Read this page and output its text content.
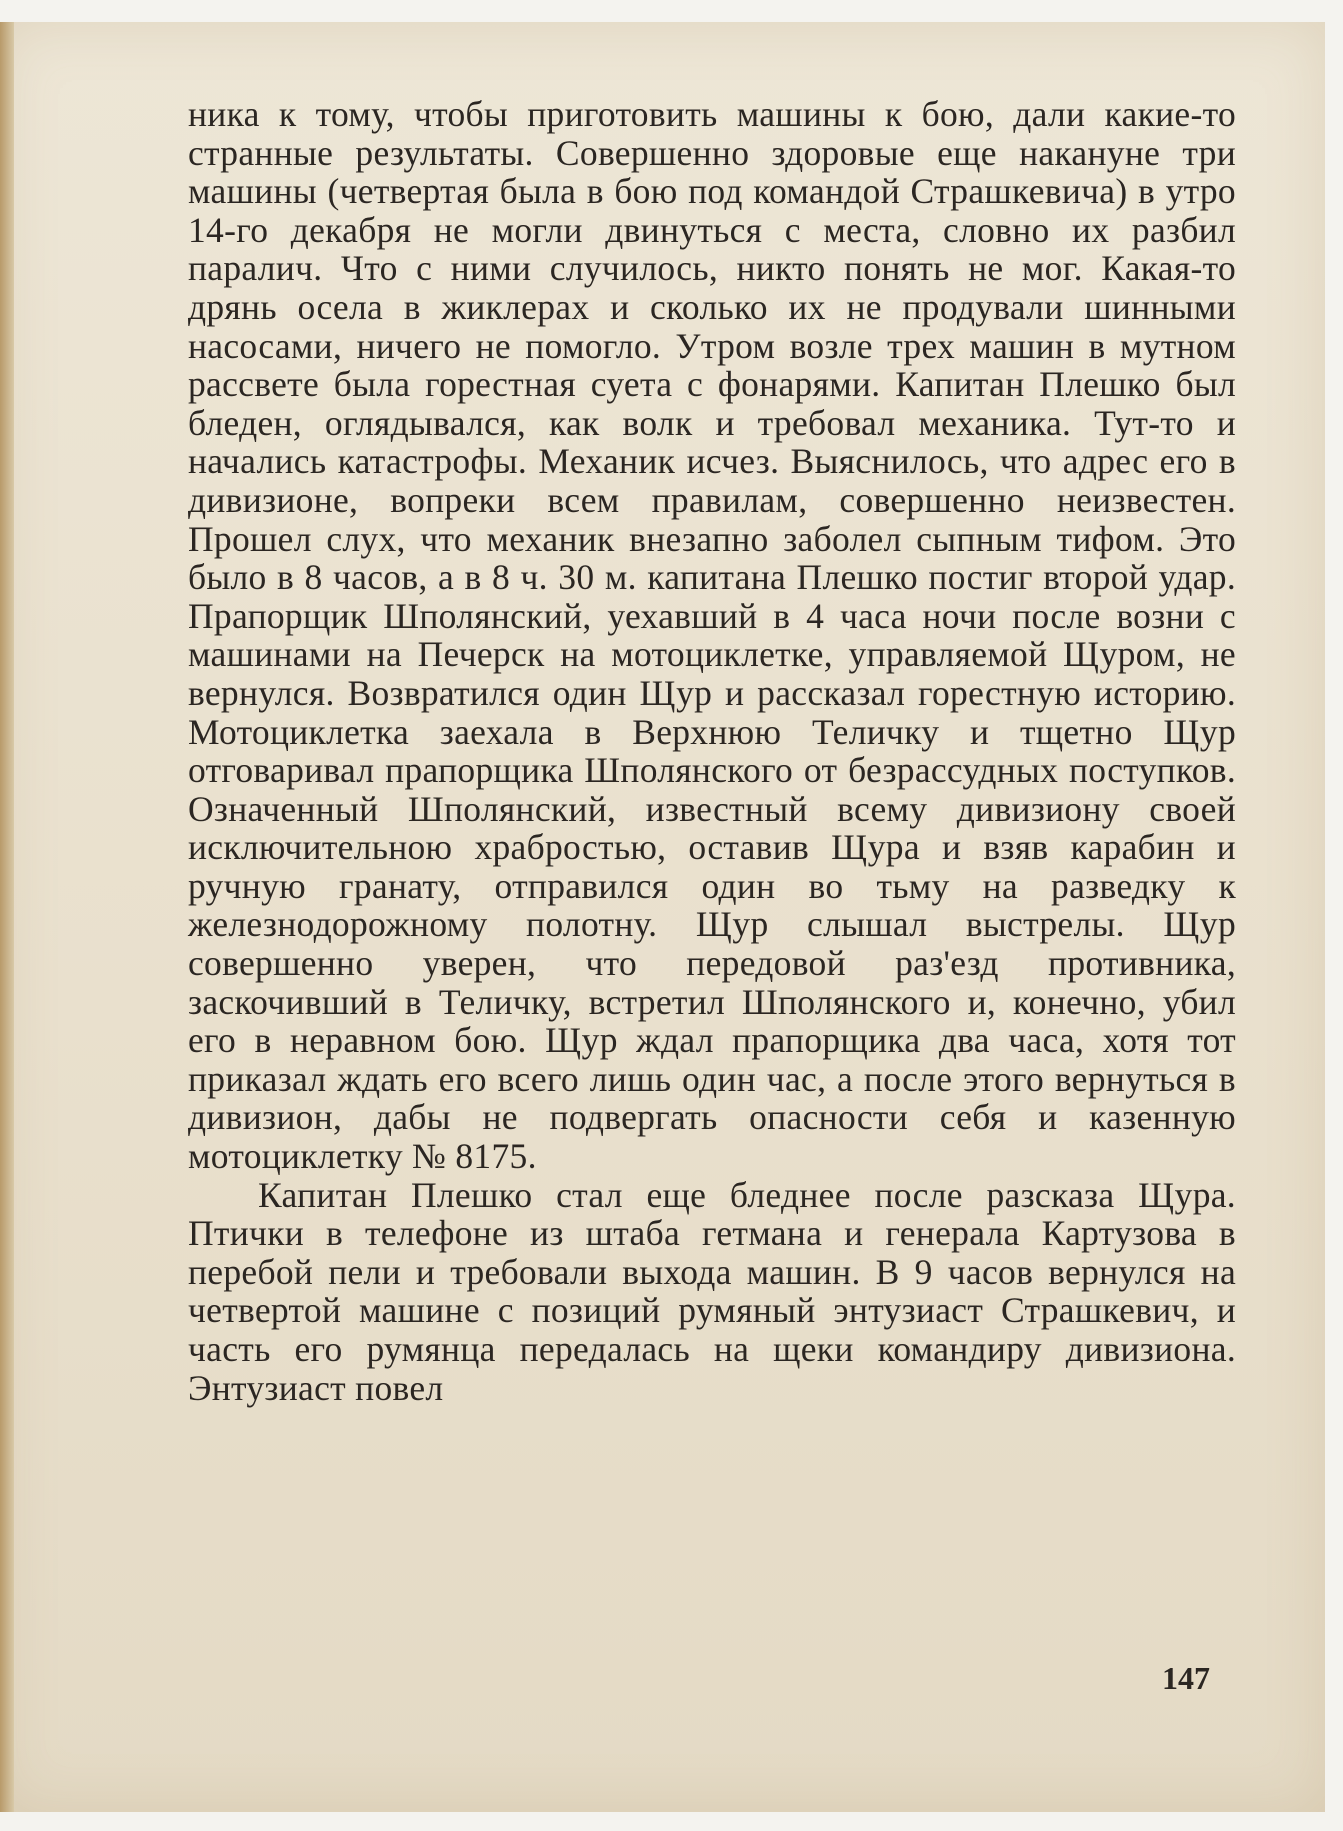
ника к тому, чтобы приготовить машины к бою, дали какие-то странные результаты. Совершенно здоровые еще накануне три машины (четвертая была в бою под командой Страшкевича) в утро 14-го декабря не могли двинуться с места, словно их разбил паралич. Что с ними случилось, никто понять не мог. Какая-то дрянь осела в жиклерах и сколько их не продували шинными насосами, ничего не помогло. Утром возле трех машин в мутном рассвете была горестная суета с фонарями. Капитан Плешко был бледен, оглядывался, как волк и требовал механика. Тут-то и начались катастрофы. Механик исчез. Выяснилось, что адрес его в дивизионе, вопреки всем правилам, совершенно неизвестен. Прошел слух, что механик внезапно заболел сыпным тифом. Это было в 8 часов, а в 8 ч. 30 м. капитана Плешко постиг второй удар. Прапорщик Шполянский, уехавший в 4 часа ночи после возни с машинами на Печерск на мотоциклетке, управляемой Щуром, не вернулся. Возвратился один Щур и рассказал горестную историю. Мотоциклетка заехала в Верхнюю Теличку и тщетно Щур отговаривал прапорщика Шполянского от безрассудных поступков. Означенный Шполянский, известный всему дивизиону своей исключительною храбростью, оставив Щура и взяв карабин и ручную гранату, отправился один во тьму на разведку к железнодорожному полотну. Щур слышал выстрелы. Щур совершенно уверен, что передовой раз'езд противника, заскочивший в Теличку, встретил Шполянского и, конечно, убил его в неравном бою. Щур ждал прапорщика два часа, хотя тот приказал ждать его всего лишь один час, а после этого вернуться в дивизион, дабы не подвергать опасности себя и казенную мотоциклетку № 8175.

Капитан Плешко стал еще бледнее после разсказа Щура. Птички в телефоне из штаба гетмана и генерала Картузова в перебой пели и требовали выхода машин. В 9 часов вернулся на четвертой машине с позиций румяный энтузиаст Страшкевич, и часть его румянца передалась на щеки командиру дивизиона. Энтузиаст повел

147
